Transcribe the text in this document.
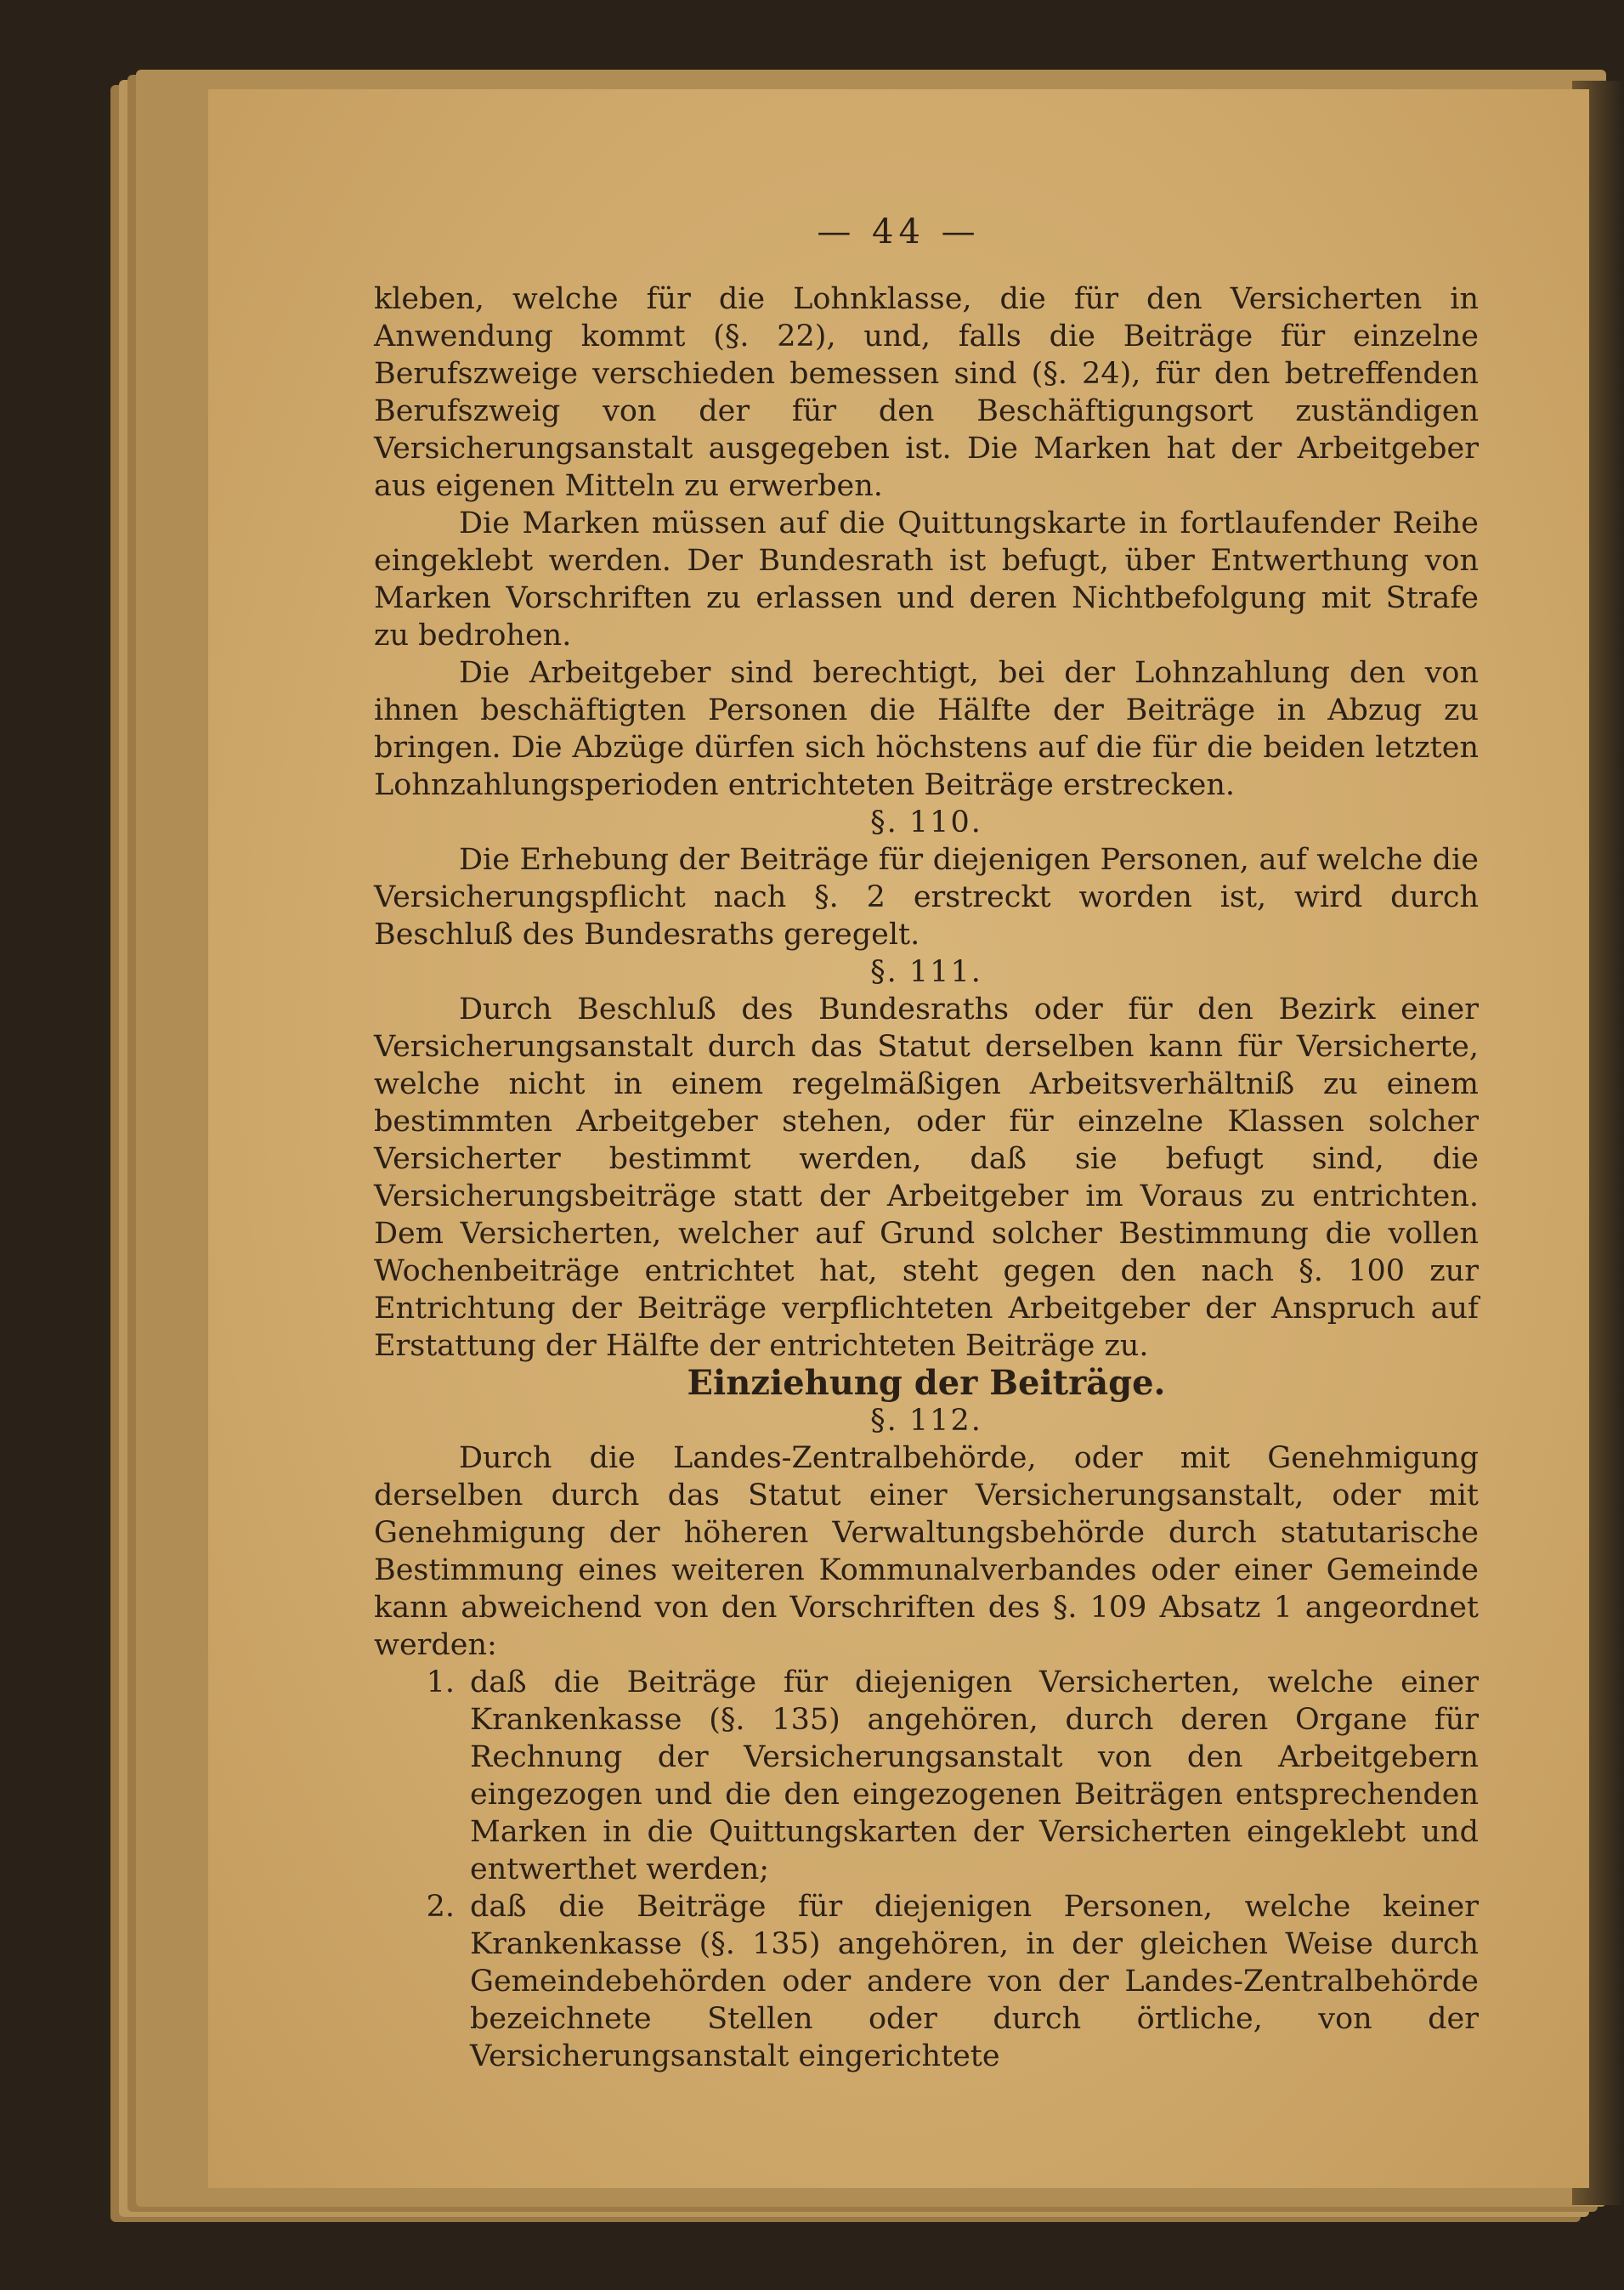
— 44 —

kleben, welche für die Lohnklasse, die für den Versicherten in Anwendung kommt (§. 22), und, falls die Beiträge für einzelne Berufszweige verschieden bemessen sind (§. 24), für den betreffenden Berufszweig von der für den Beschäftigungsort zuständigen Versicherungsanstalt ausgegeben ist. Die Marken hat der Arbeitgeber aus eigenen Mitteln zu erwerben.

Die Marken müssen auf die Quittungskarte in fortlaufender Reihe eingeklebt werden. Der Bundesrath ist befugt, über Entwerthung von Marken Vorschriften zu erlassen und deren Nichtbefolgung mit Strafe zu bedrohen.

Die Arbeitgeber sind berechtigt, bei der Lohnzahlung den von ihnen beschäftigten Personen die Hälfte der Beiträge in Abzug zu bringen. Die Abzüge dürfen sich höchstens auf die für die beiden letzten Lohnzahlungsperioden entrichteten Beiträge erstrecken.

§. 110.

Die Erhebung der Beiträge für diejenigen Personen, auf welche die Versicherungspflicht nach §. 2 erstreckt worden ist, wird durch Beschluß des Bundesraths geregelt.

§. 111.

Durch Beschluß des Bundesraths oder für den Bezirk einer Versicherungsanstalt durch das Statut derselben kann für Versicherte, welche nicht in einem regelmäßigen Arbeitsverhältniß zu einem bestimmten Arbeitgeber stehen, oder für einzelne Klassen solcher Versicherter bestimmt werden, daß sie befugt sind, die Versicherungsbeiträge statt der Arbeitgeber im Voraus zu entrichten. Dem Versicherten, welcher auf Grund solcher Bestimmung die vollen Wochenbeiträge entrichtet hat, steht gegen den nach §. 100 zur Entrichtung der Beiträge verpflichteten Arbeitgeber der Anspruch auf Erstattung der Hälfte der entrichteten Beiträge zu.

Einziehung der Beiträge.

§. 112.

Durch die Landes-Zentralbehörde, oder mit Genehmigung derselben durch das Statut einer Versicherungsanstalt, oder mit Genehmigung der höheren Verwaltungsbehörde durch statutarische Bestimmung eines weiteren Kommunalverbandes oder einer Gemeinde kann abweichend von den Vorschriften des §. 109 Absatz 1 angeordnet werden:

1. daß die Beiträge für diejenigen Versicherten, welche einer Krankenkasse (§. 135) angehören, durch deren Organe für Rechnung der Versicherungsanstalt von den Arbeitgebern eingezogen und die den eingezogenen Beiträgen entsprechenden Marken in die Quittungskarten der Versicherten eingeklebt und entwerthet werden;
2. daß die Beiträge für diejenigen Personen, welche keiner Krankenkasse (§. 135) angehören, in der gleichen Weise durch Gemeindebehörden oder andere von der Landes-Zentralbehörde bezeichnete Stellen oder durch örtliche, von der Versicherungsanstalt eingerichtete
